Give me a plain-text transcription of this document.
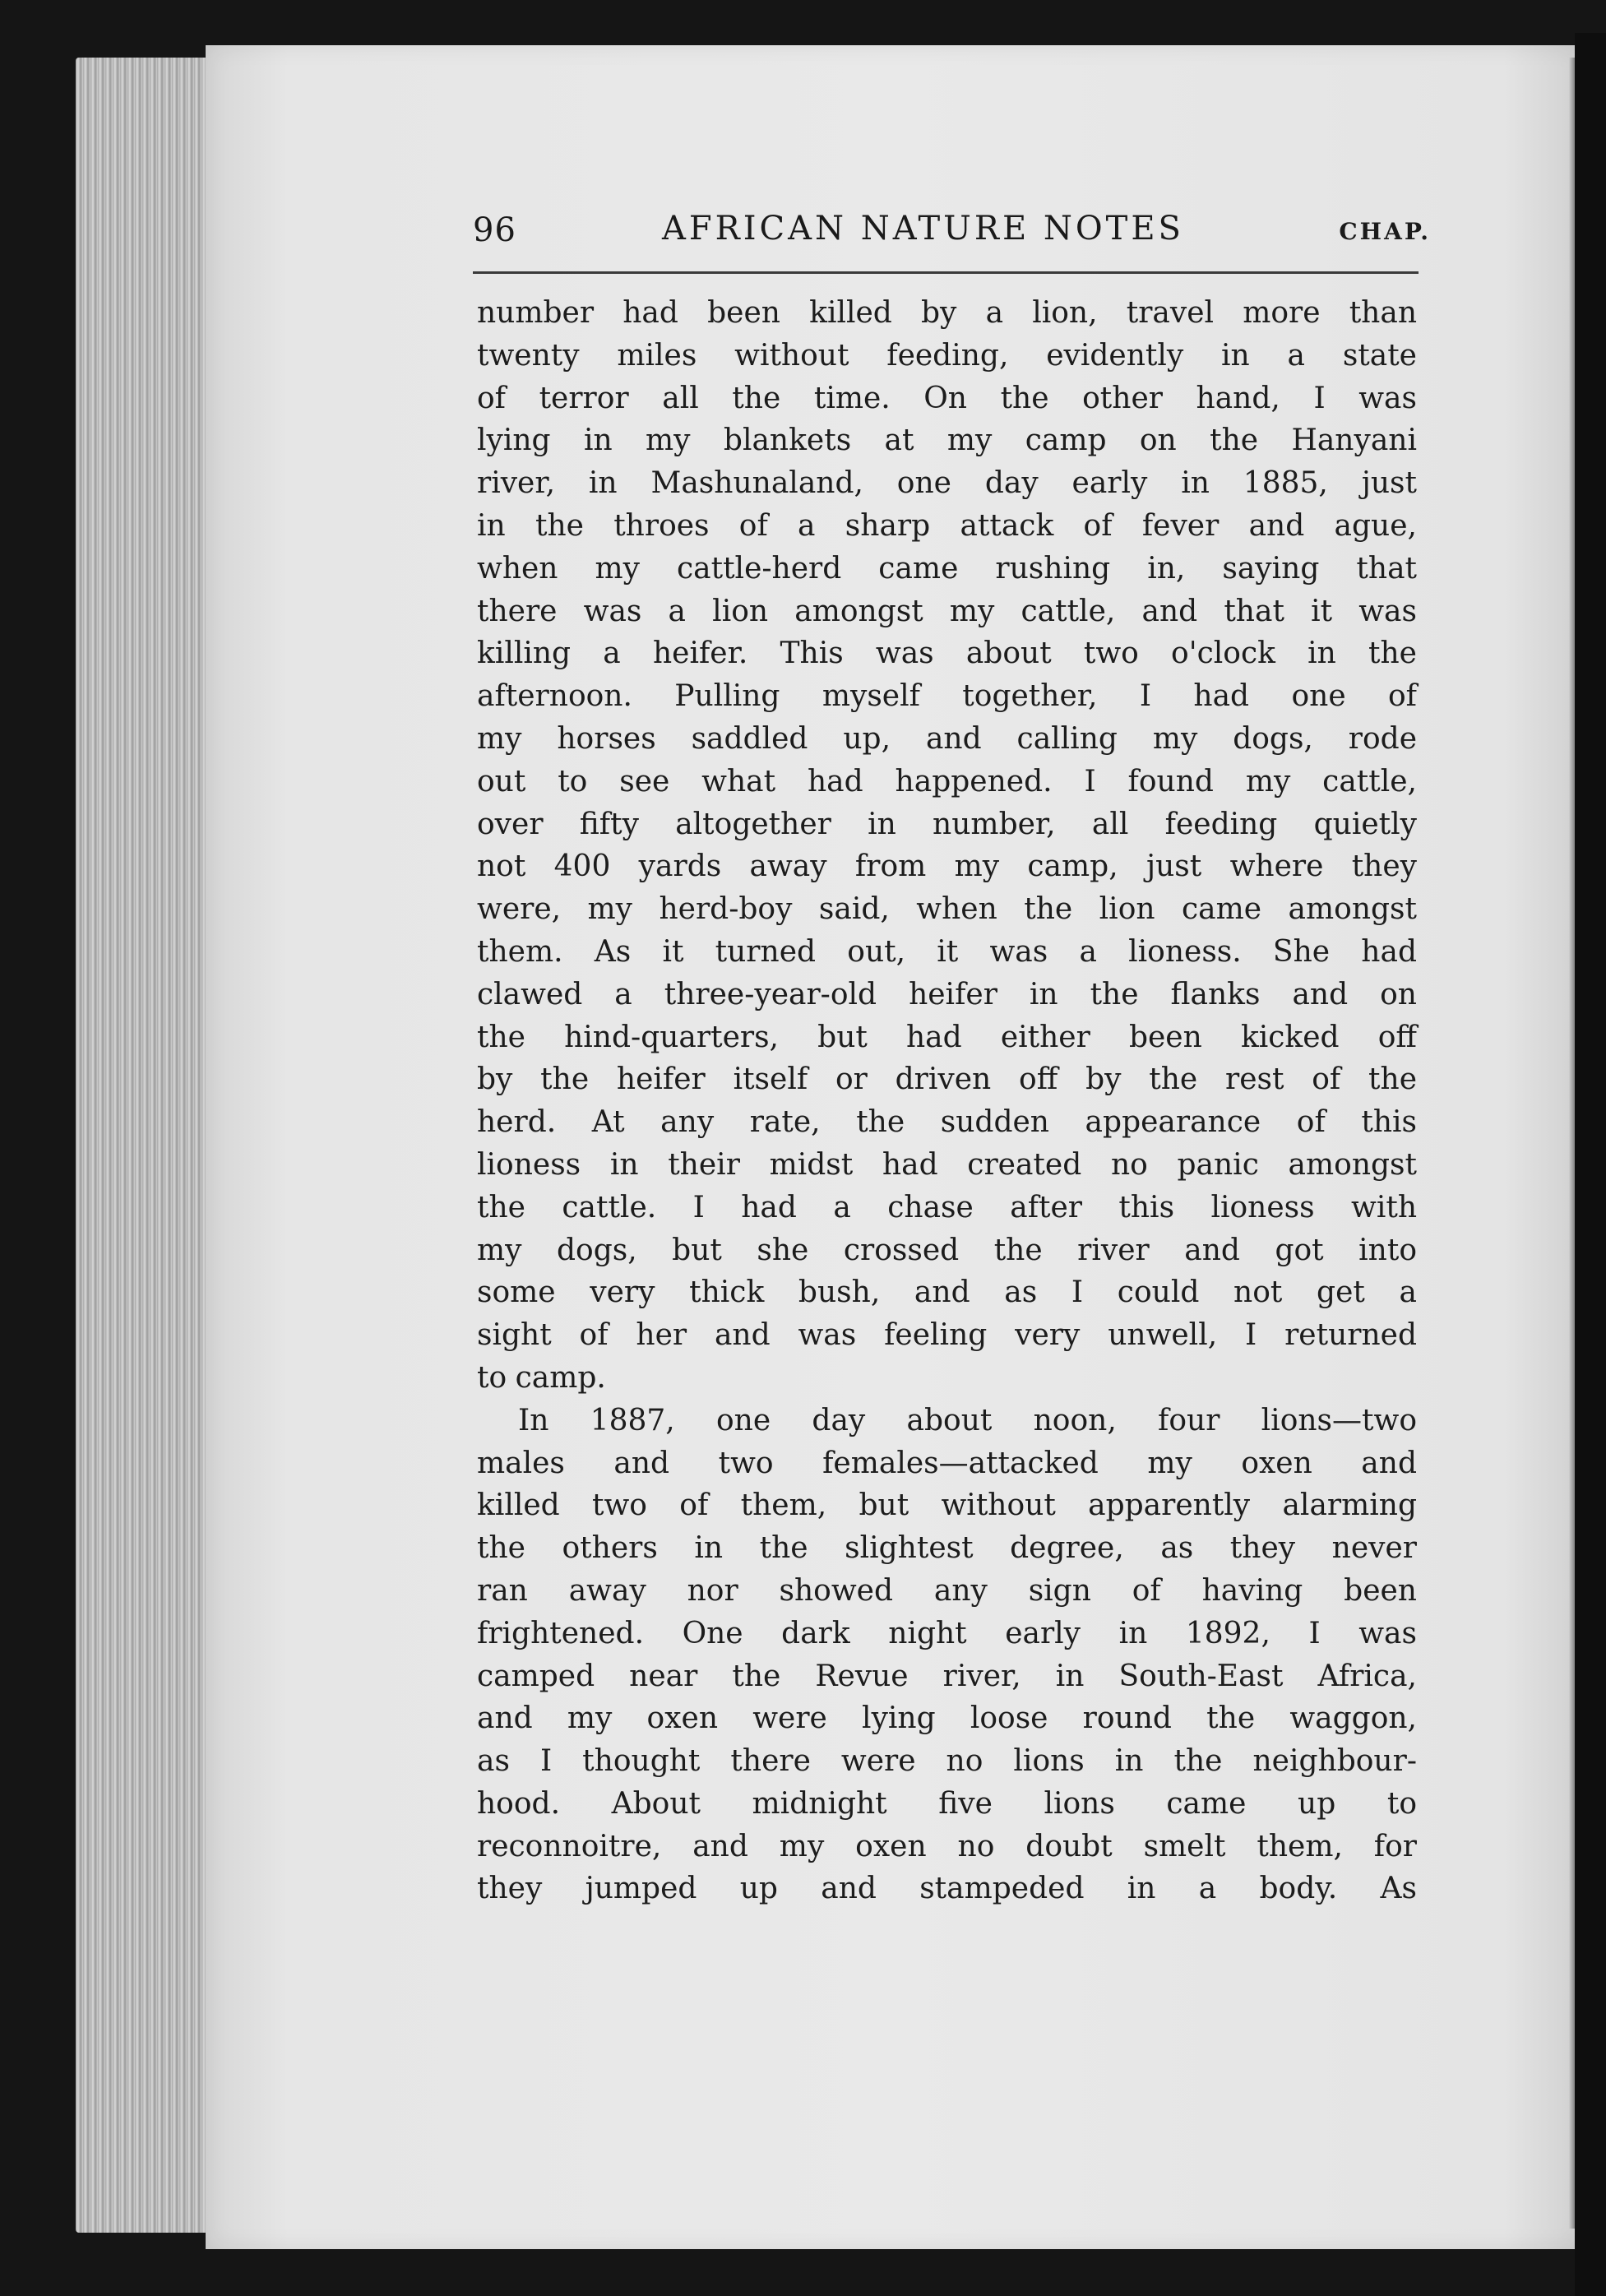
96	AFRICAN NATURE NOTES	CHAP.

number had been killed by a lion, travel more than

twenty miles without feeding, evidently in a state

of terror all the time. On the other hand, I was

lying in my blankets at my camp on the Hanyani

river, in Mashunaland, one day early in 1885, just

in the throes of a sharp attack of fever and ague,

when my cattle-herd came rushing in, saying that

there was a lion amongst my cattle, and that it was

killing a heifer. This was about two o'clock in the

afternoon. Pulling myself together, I had one of

my horses saddled up, and calling my dogs, rode

out to see what had happened. I found my cattle,

over fifty altogether in number, all feeding quietly

not 400 yards away from my camp, just where they

were, my herd-boy said, when the lion came amongst

them. As it turned out, it was a lioness. She had

clawed a three-year-old heifer in the flanks and on

the hind-quarters, but had either been kicked off

by the heifer itself or driven off by the rest of the

herd. At any rate, the sudden appearance of this

lioness in their midst had created no panic amongst

the cattle. I had a chase after this lioness with

my dogs, but she crossed the river and got into

some very thick bush, and as I could not get a

sight of her and was feeling very unwell, I returned

to camp.

In 1887, one day about noon, four lions—two

males and two females—attacked my oxen and

killed two of them, but without apparently alarming

the others in the slightest degree, as they never

ran away nor showed any sign of having been

frightened. One dark night early in 1892, I was

camped near the Revue river, in South-East Africa,

and my oxen were lying loose round the waggon,

as I thought there were no lions in the neighbour-

hood. About midnight five lions came up to

reconnoitre, and my oxen no doubt smelt them, for

they jumped up and stampeded in a body. As
